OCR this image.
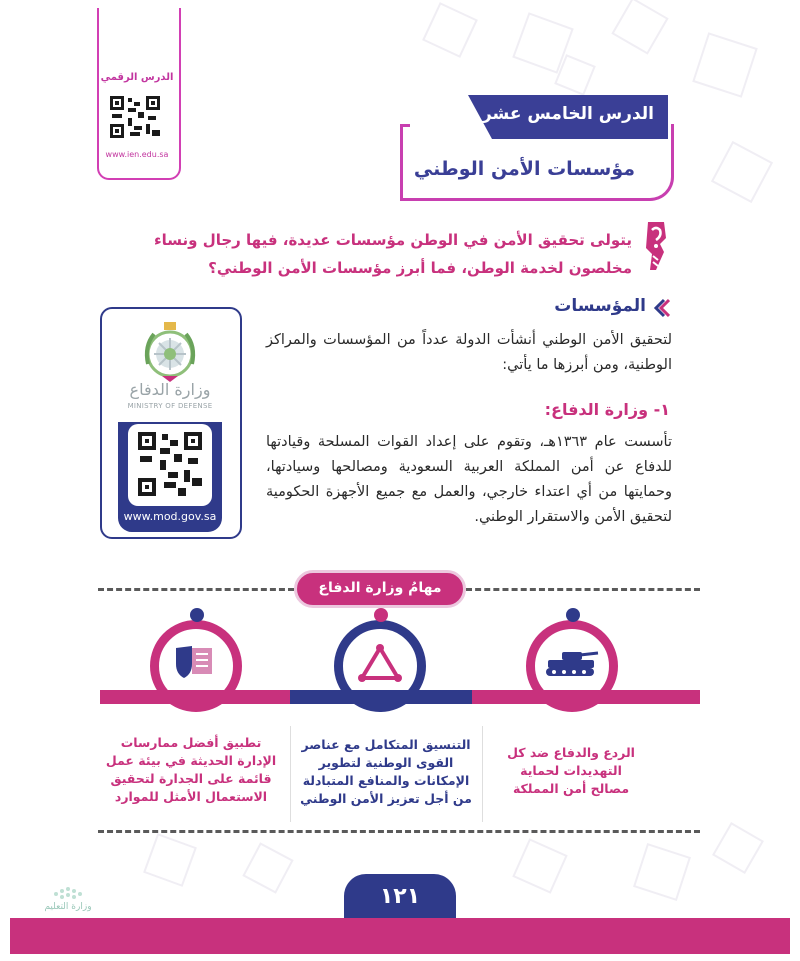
الدرس الرقمي
www.ien.edu.sa
الدرس الخامس عشر
مؤسسات الأمن الوطني
يتولى تحقيق الأمن في الوطن مؤسسات عديدة، فيها رجال ونساء مخلصون لخدمة الوطن، فما أبرز مؤسسات الأمن الوطني؟
وزارة الدفاع
MINISTRY OF DEFENSE
www.mod.gov.sa
المؤسسات
لتحقيق الأمن الوطني أنشأت الدولة عدداً من المؤسسات والمراكز الوطنية، ومن أبرزها ما يأتي:
١- وزارة الدفاع:
تأسست عام ١٣٦٣هـ، وتقوم على إعداد القوات المسلحة وقيادتها للدفاع عن أمن المملكة العربية السعودية ومصالحها وسيادتها، وحمايتها من أي اعتداء خارجي، والعمل مع جميع الأجهزة الحكومية لتحقيق الأمن والاستقرار الوطني.
مهامُ وزارة الدفاع
الردع والدفاع ضد كل التهديدات لحماية مصالح أمن المملكة
التنسيق المتكامل مع عناصر القوى الوطنية لتطوير الإمكانات والمنافع المتبادلة من أجل تعزيز الأمن الوطني
تطبيق أفضل ممارسات الإدارة الحديثة في بيئة عمل قائمة على الجدارة لتحقيق الاستعمال الأمثل للموارد
وزارة التعليم	١٢١
